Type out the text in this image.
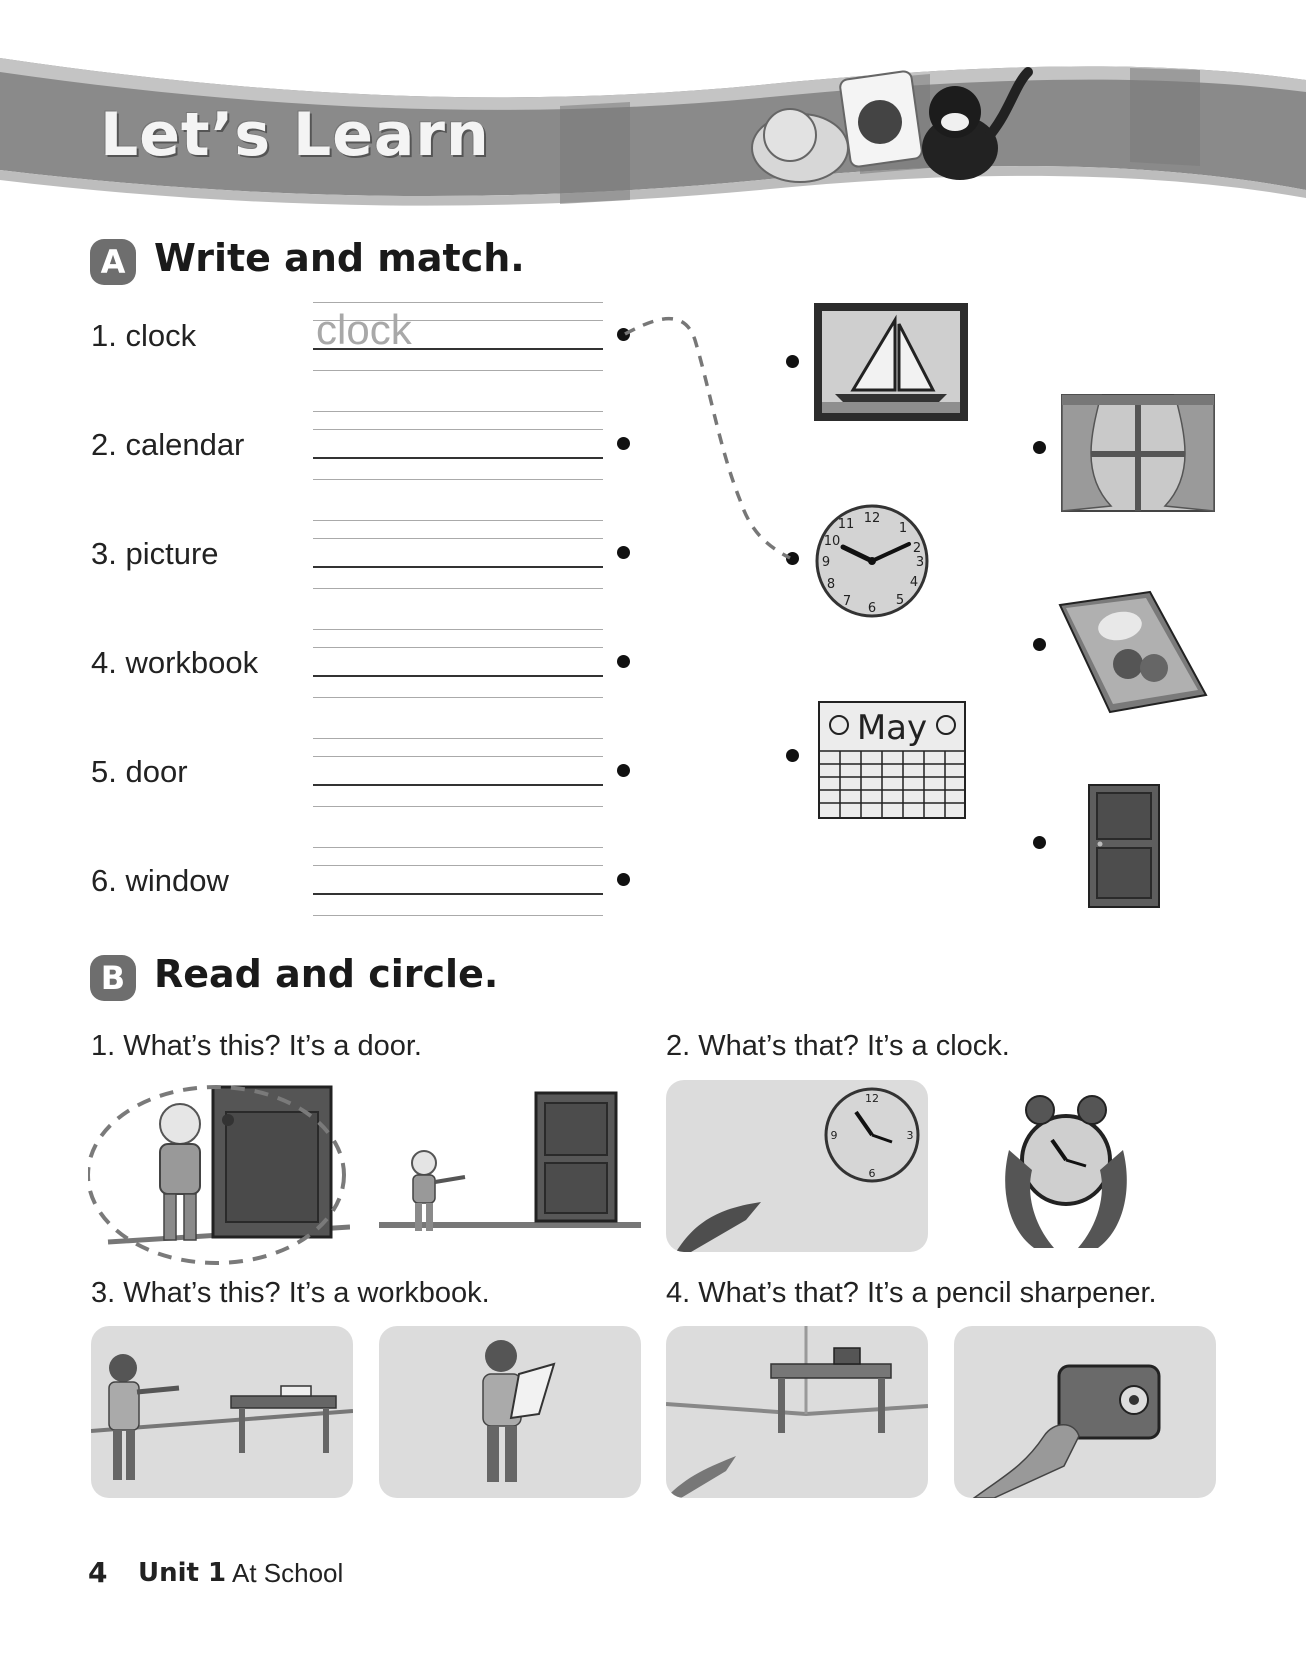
Let’s Learn
A Write and match.
1. clock
2. calendar
3. picture
4. workbook
5. door
6. window
clock
12
1
2
3
4
5
6
7
8
9
10
11
May
B Read and circle.
1. What’s this? It’s a door.	2. What’s that? It’s a clock.
3. What’s this? It’s a workbook.	4. What’s that? It’s a pencil sharpener.
12
3
6
9
4 Unit 1 At School
